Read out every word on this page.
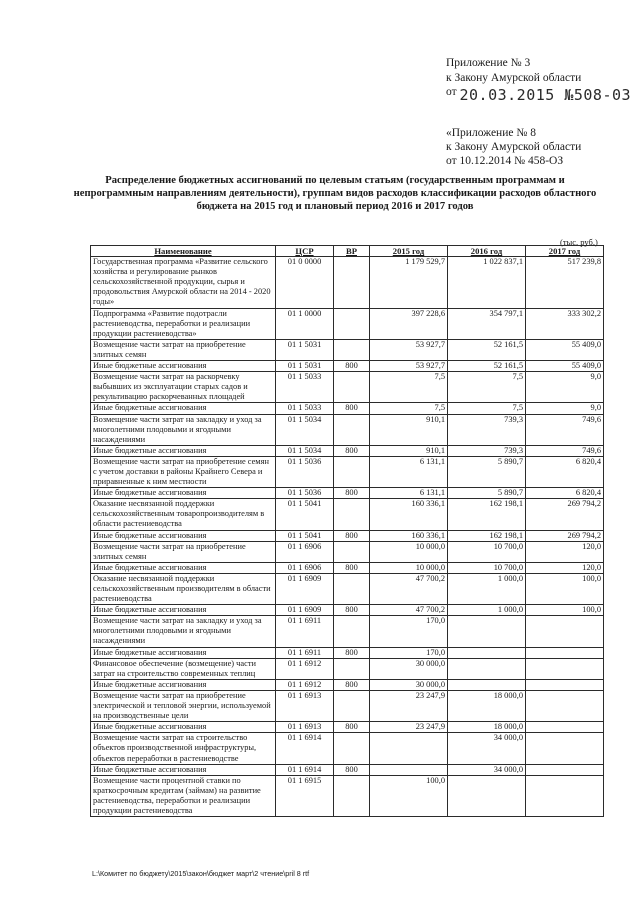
Приложение № 3
к Закону Амурской области
от 20.03.2015 №508-03
«Приложение № 8
к Закону Амурской области
от 10.12.2014 № 458-ОЗ
Распределение бюджетных ассигнований по целевым статьям (государственным программам и непрограммным направлениям деятельности), группам видов расходов классификации расходов областного бюджета на 2015 год и плановый период 2016 и 2017 годов
(тыс. руб.)
Наименование	ЦСР	ВР	2015 год	2016 год	2017 год
Государственная программа «Развитие сельского хозяйства и регулирование рынков сельскохозяйственной продукции, сырья и продовольствия Амурской области на 2014 - 2020 годы»	01 0 0000		1 179 529,7	1 022 837,1	517 239,8
Подпрограмма «Развитие подотрасли растениеводства, переработки и реализации продукции растениеводства»	01 1 0000		397 228,6	354 797,1	333 302,2
Возмещение части затрат на приобретение элитных семян	01 1 5031		53 927,7	52 161,5	55 409,0
Иные бюджетные ассигнования	01 1 5031	800	53 927,7	52 161,5	55 409,0
Возмещение части затрат на раскорчевку выбывших из эксплуатации старых садов и рекультивацию раскорчеванных площадей	01 1 5033		7,5	7,5	9,0
Иные бюджетные ассигнования	01 1 5033	800	7,5	7,5	9,0
Возмещение части затрат на закладку и уход за многолетними плодовыми и ягодными насаждениями	01 1 5034		910,1	739,3	749,6
Иные бюджетные ассигнования	01 1 5034	800	910,1	739,3	749,6
Возмещение части затрат на приобретение семян с учетом доставки в районы Крайнего Севера и приравненные к ним местности	01 1 5036		6 131,1	5 890,7	6 820,4
Иные бюджетные ассигнования	01 1 5036	800	6 131,1	5 890,7	6 820,4
Оказание несвязанной поддержки сельскохозяйственным товаропроизводителям в области растениеводства	01 1 5041		160 336,1	162 198,1	269 794,2
Иные бюджетные ассигнования	01 1 5041	800	160 336,1	162 198,1	269 794,2
Возмещение части затрат на приобретение элитных семян	01 1 6906		10 000,0	10 700,0	120,0
Иные бюджетные ассигнования	01 1 6906	800	10 000,0	10 700,0	120,0
Оказание несвязанной поддержки сельскохозяйственным производителям в области растениеводства	01 1 6909		47 700,2	1 000,0	100,0
Иные бюджетные ассигнования	01 1 6909	800	47 700,2	1 000,0	100,0
Возмещение части затрат на закладку и уход за многолетними плодовыми и ягодными насаждениями	01 1 6911		170,0		
Иные бюджетные ассигнования	01 1 6911	800	170,0		
Финансовое обеспечение (возмещение) части затрат на строительство современных теплиц	01 1 6912		30 000,0		
Иные бюджетные ассигнования	01 1 6912	800	30 000,0		
Возмещение части затрат на приобретение электрической и тепловой энергии, используемой на производственные цели	01 1 6913		23 247,9	18 000,0	
Иные бюджетные ассигнования	01 1 6913	800	23 247,9	18 000,0	
Возмещение части затрат на строительство объектов производственной инфраструктуры, объектов переработки в растениеводстве	01 1 6914			34 000,0	
Иные бюджетные ассигнования	01 1 6914	800		34 000,0	
Возмещение части процентной ставки по краткосрочным кредитам (займам) на развитие растениеводства, переработки и реализации продукции растениеводства	01 1 6915		100,0		
L:\Комитет по бюджету\2015\закон\бюджет март\2 чтение\pril 8 rtf
